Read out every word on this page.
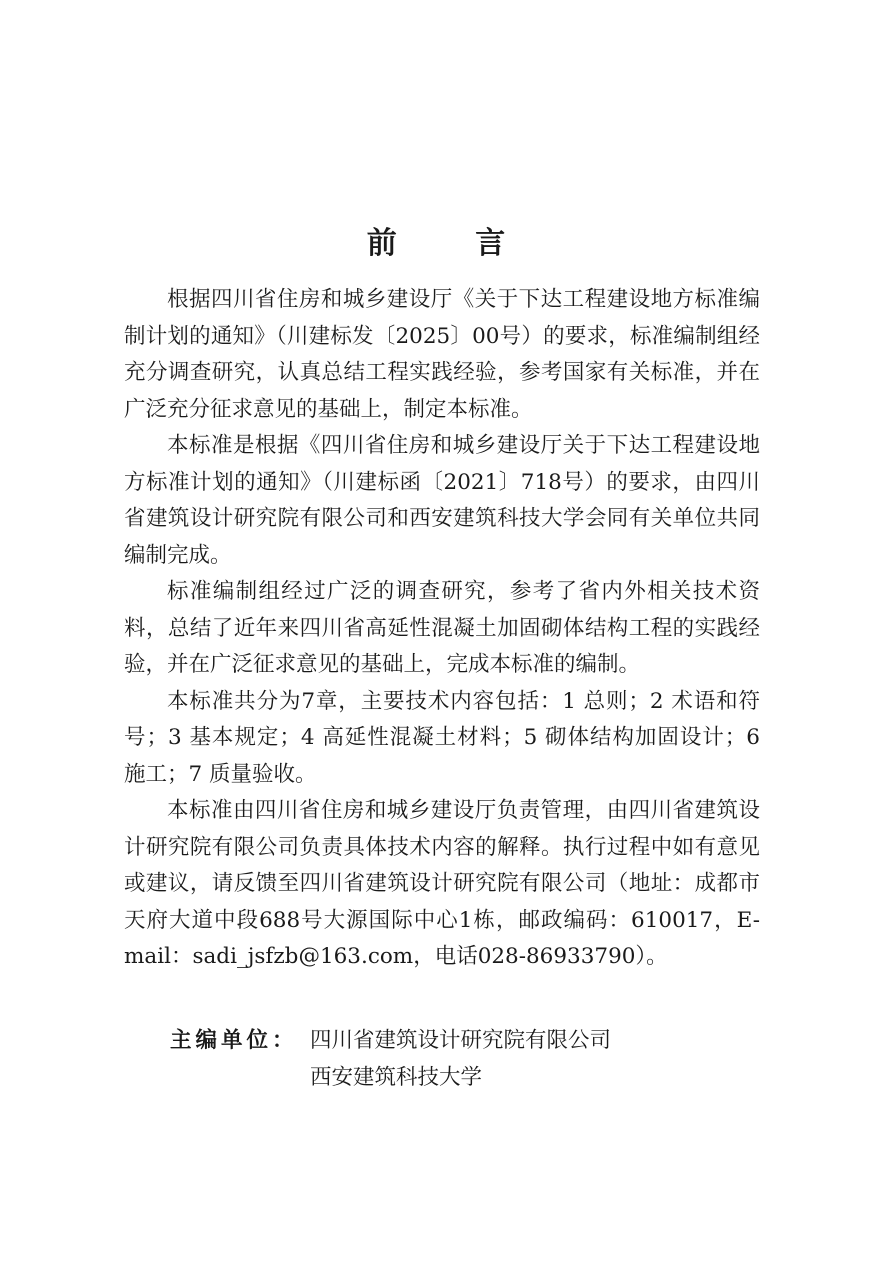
前 言

根据四川省住房和城乡建设厅《关于下达工程建设地方标准编制计划的通知》（川建标发〔2025〕00号）的要求，标准编制组经充分调查研究，认真总结工程实践经验，参考国家有关标准，并在广泛充分征求意见的基础上，制定本标准。

本标准是根据《四川省住房和城乡建设厅关于下达工程建设地方标准计划的通知》（川建标函〔2021〕718号）的要求，由四川省建筑设计研究院有限公司和西安建筑科技大学会同有关单位共同编制完成。

标准编制组经过广泛的调查研究，参考了省内外相关技术资料，总结了近年来四川省高延性混凝土加固砌体结构工程的实践经验，并在广泛征求意见的基础上，完成本标准的编制。

本标准共分为7章，主要技术内容包括：1 总则；2 术语和符号；3 基本规定；4 高延性混凝土材料；5 砌体结构加固设计；6 施工；7 质量验收。

本标准由四川省住房和城乡建设厅负责管理，由四川省建筑设计研究院有限公司负责具体技术内容的解释。执行过程中如有意见或建议，请反馈至四川省建筑设计研究院有限公司（地址：成都市天府大道中段688号大源国际中心1栋，邮政编码：610017，E-mail：sadi_jsfzb@163.com，电话028-86933790）。

主编单位： 四川省建筑设计研究院有限公司
西安建筑科技大学
